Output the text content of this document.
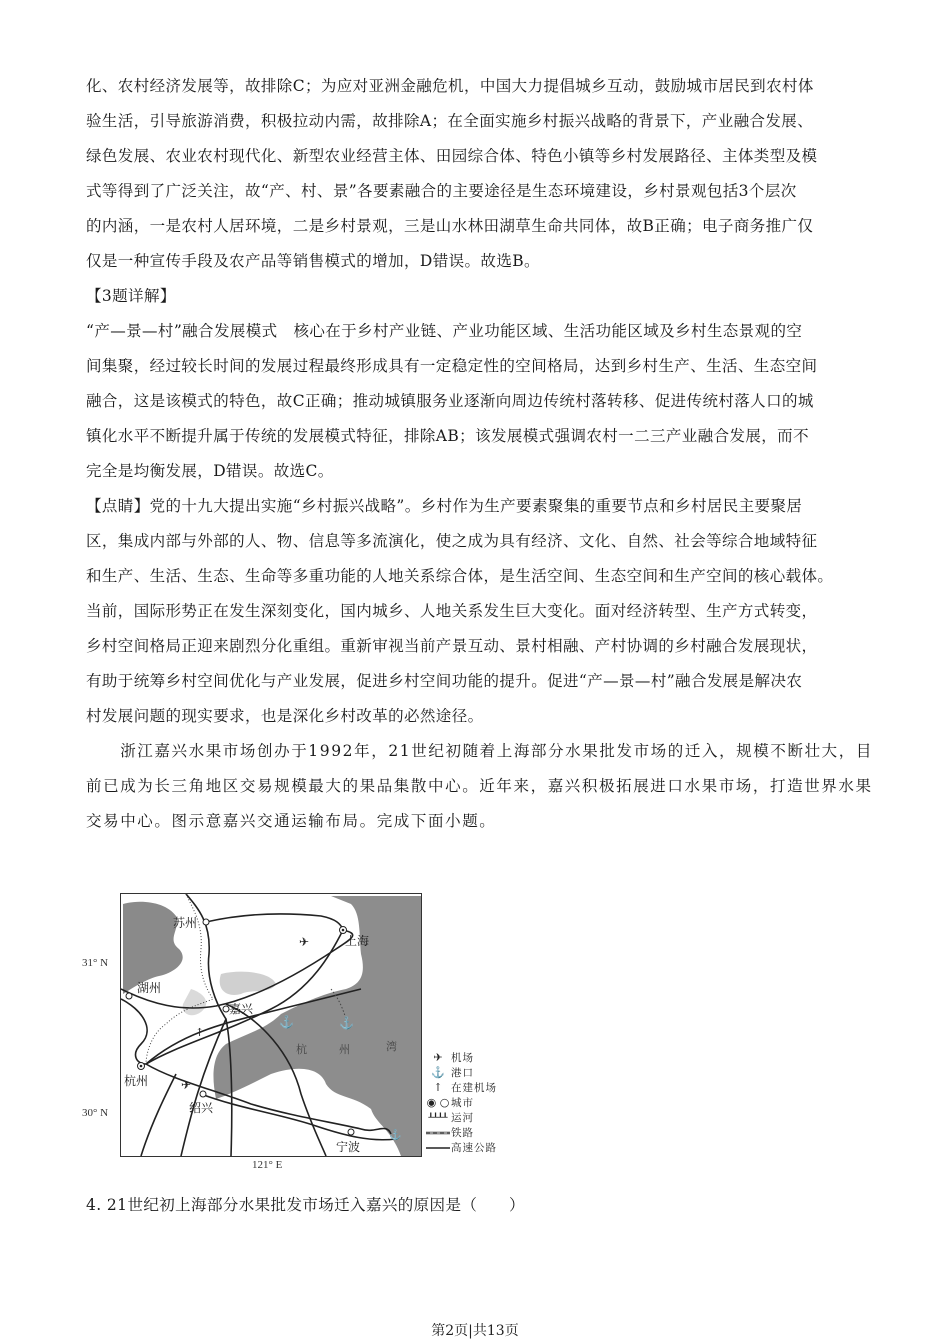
化、农村经济发展等，故排除C；为应对亚洲金融危机，中国大力提倡城乡互动，鼓励城市居民到农村体
验生活，引导旅游消费，积极拉动内需，故排除A；在全面实施乡村振兴战略的背景下，产业融合发展、
绿色发展、农业农村现代化、新型农业经营主体、田园综合体、特色小镇等乡村发展路径、主体类型及模
式等得到了广泛关注，故“产、村、景”各要素融合的主要途径是生态环境建设，乡村景观包括3个层次
的内涵，一是农村人居环境，二是乡村景观，三是山水林田湖草生命共同体，故B正确；电子商务推广仅
仅是一种宣传手段及农产品等销售模式的增加，D错误。故选B。
【3题详解】
“产—景—村”融合发展模式　核心在于乡村产业链、产业功能区域、生活功能区域及乡村生态景观的空
间集聚，经过较长时间的发展过程最终形成具有一定稳定性的空间格局，达到乡村生产、生活、生态空间
融合，这是该模式的特色，故C正确；推动城镇服务业逐渐向周边传统村落转移、促进传统村落人口的城
镇化水平不断提升属于传统的发展模式特征，排除AB；该发展模式强调农村一二三产业融合发展，而不
完全是均衡发展，D错误。故选C。
【点睛】党的十九大提出实施“乡村振兴战略”。乡村作为生产要素聚集的重要节点和乡村居民主要聚居
区，集成内部与外部的人、物、信息等多流演化，使之成为具有经济、文化、自然、社会等综合地域特征
和生产、生活、生态、生命等多重功能的人地关系综合体，是生活空间、生态空间和生产空间的核心载体。
当前，国际形势正在发生深刻变化，国内城乡、人地关系发生巨大变化。面对经济转型、生产方式转变，
乡村空间格局正迎来剧烈分化重组。重新审视当前产景互动、景村相融、产村协调的乡村融合发展现状，
有助于统筹乡村空间优化与产业发展，促进乡村空间功能的提升。促进“产—景—村”融合发展是解决农
村发展问题的现实要求，也是深化乡村改革的必然途径。
　　浙江嘉兴水果市场创办于1992年，21世纪初随着上海部分水果批发市场的迁入，规模不断壮大，目
前已成为长三角地区交易规模最大的果品集散中心。近年来，嘉兴积极拓展进口水果市场，打造世界水果
交易中心。图示意嘉兴交通运输布局。完成下面小题。
31° N
30° N
121° E
✈
✈
↑
⚓	⚓
⚓
苏州
上海
湖州
嘉兴
杭州
绍兴
宁波
杭	州	湾
✈ 机场
⚓ 港口
↑ 在建机场
◉ ○ 城市
┸┸┸┸ 运河
铁路
高速公路
4. 21世纪初上海部分水果批发市场迁入嘉兴的原因是（　　）
第2页|共13页
